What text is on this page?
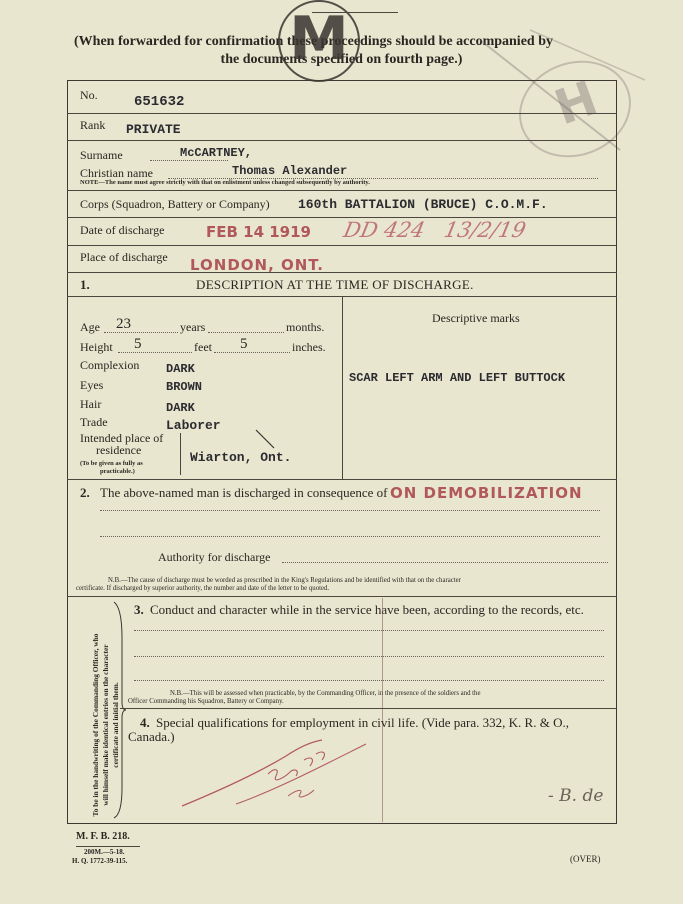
(When forwarded for confirmation these proceedings should be accompanied by
the documents specified on fourth page.)
M
H
No.	651632
Rank PRIVATE
Surname	McCARTNEY,
Christian name	Thomas Alexander
NOTE—The name must agree strictly with that on enlistment unless changed subsequently by authority.
Corps (Squadron, Battery or Company) 160th BATTALION (BRUCE) C.O.M.F.
Date of discharge	FEB 14 1919 DD 424   13/2/19
Place of discharge LONDON, ONT.
1.	DESCRIPTION AT THE TIME OF DISCHARGE.
Age 23	years	months.
Height 5	feet 5	inches.
Complexion DARK
Eyes	BROWN
Hair	DARK
Trade	Laborer
Intended place of
residence
(To be given as fully as
practicable.)
Wiarton, Ont.
Descriptive marks
SCAR LEFT ARM AND LEFT BUTTOCK
2. The above-named man is discharged in consequence of ON DEMOBILIZATION
Authority for discharge
N.B.—The cause of discharge must be worded as prescribed in the King's Regulations and be identified with that on the character
certificate. If discharged by superior authority, the number and date of the letter to be quoted.
To be in the handwriting of the Commanding Officer, who will himself make identical entries on the character certificate and initial them.
3. Conduct and character while in the service have been, according to the records, etc.
N.B.—This will be assessed when practicable, by the Commanding Officer, in the presence of the soldiers and the
Officer Commanding his Squadron, Battery or Company.
4. Special qualifications for employment in civil life. (Vide para. 332, K. R. & O.,
Canada.)
- B. de
M. F. B. 218.
200M.—5-18.
H. Q. 1772-39-115.	(OVER)
